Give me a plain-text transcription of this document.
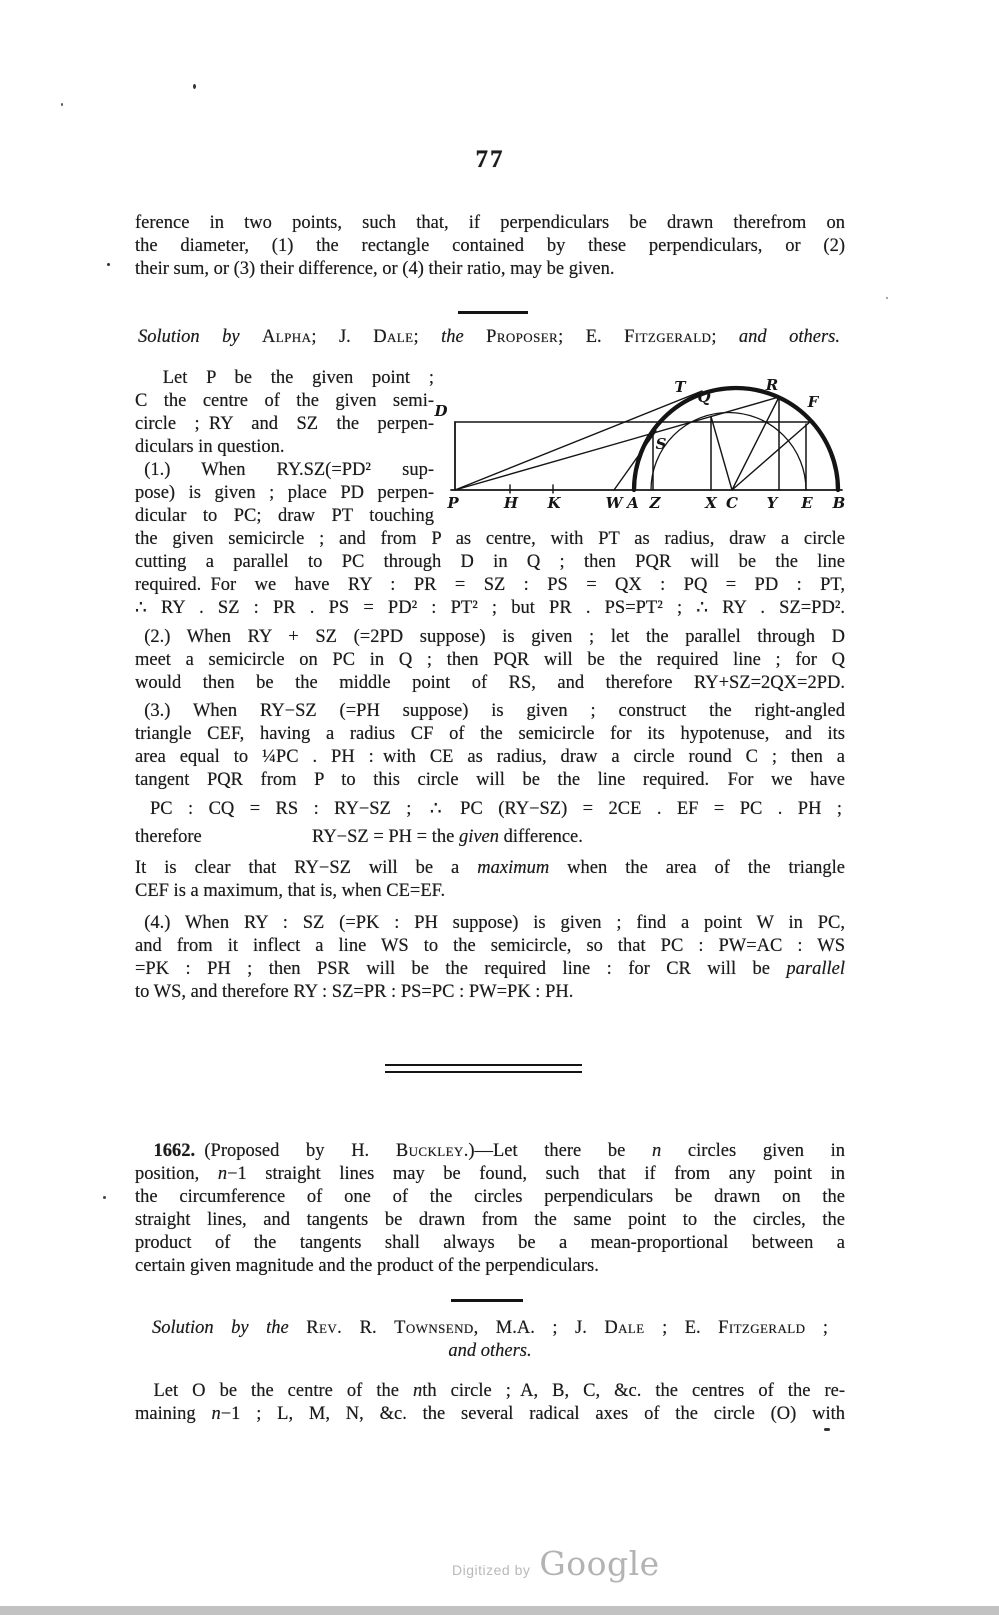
77
ference in two points, such that, if perpendiculars be drawn therefrom on
the diameter, (1) the rectangle contained by these perpendiculars, or (2)
their sum, or (3) their difference, or (4) their ratio, may be given.
Solution by Alpha; J. Dale; the Proposer; E. Fitzgerald; and others.
  Let P be the given point ;
C the centre of the given semi-
circle ; RY and SZ the perpen-
diculars in question.
 (1.) When RY.SZ(=PD² sup-
pose) is given ; place PD perpen-
dicular to PC; draw PT touching
D
T
Q
R
F
S
P	H K	W A Z	X C Y E B
the given semicircle ; and from P as centre, with PT as radius, draw a circle
cutting a parallel to PC through D in Q ; then PQR will be the line
required. For we have RY : PR = SZ : PS = QX : PQ = PD : PT,
∴ RY . SZ : PR . PS = PD² : PT² ; but PR . PS=PT² ; ∴ RY . SZ=PD².
 (2.) When RY + SZ (=2PD suppose) is given ; let the parallel through D
meet a semicircle on PC in Q ; then PQR will be the required line ; for Q
would then be the middle point of RS, and therefore RY+SZ=2QX=2PD.
 (3.) When RY−SZ (=PH suppose) is given ; construct the right-angled
triangle CEF, having a radius CF of the semicircle for its hypotenuse, and its
area equal to ¼PC . PH : with CE as radius, draw a circle round C ; then a
tangent PQR from P to this circle will be the line required.  For we have
PC : CQ = RS : RY−SZ ;  ∴  PC (RY−SZ) = 2CE . EF = PC . PH ;
therefore	RY−SZ = PH = the given difference.
It is clear that RY−SZ will be a maximum when the area of the triangle
CEF is a maximum, that is, when CE=EF.
 (4.) When RY : SZ (=PK : PH suppose) is given ; find a point W in PC,
and from it inflect a line WS to the semicircle, so that PC : PW=AC : WS
=PK : PH ; then PSR will be the required line : for CR will be parallel
to WS, and therefore RY : SZ=PR : PS=PC : PW=PK : PH.
 1662. (Proposed by H. Buckley.)—Let there be n circles given in
position, n−1 straight lines may be found, such that if from any point in
the circumference of one of the circles perpendiculars be drawn on the
straight lines, and tangents be drawn from the same point to the circles, the
product of the tangents shall always be a mean-proportional between a
certain given magnitude and the product of the perpendiculars.
Solution by the Rev. R. Townsend, M.A. ; J. Dale ; E. Fitzgerald ;
and others.
 Let O be the centre of the nth circle ; A, B, C, &c. the centres of the re-
maining n−1 ; L, M, N, &c. the several radical axes of the circle (O) with
Digitized by Google
